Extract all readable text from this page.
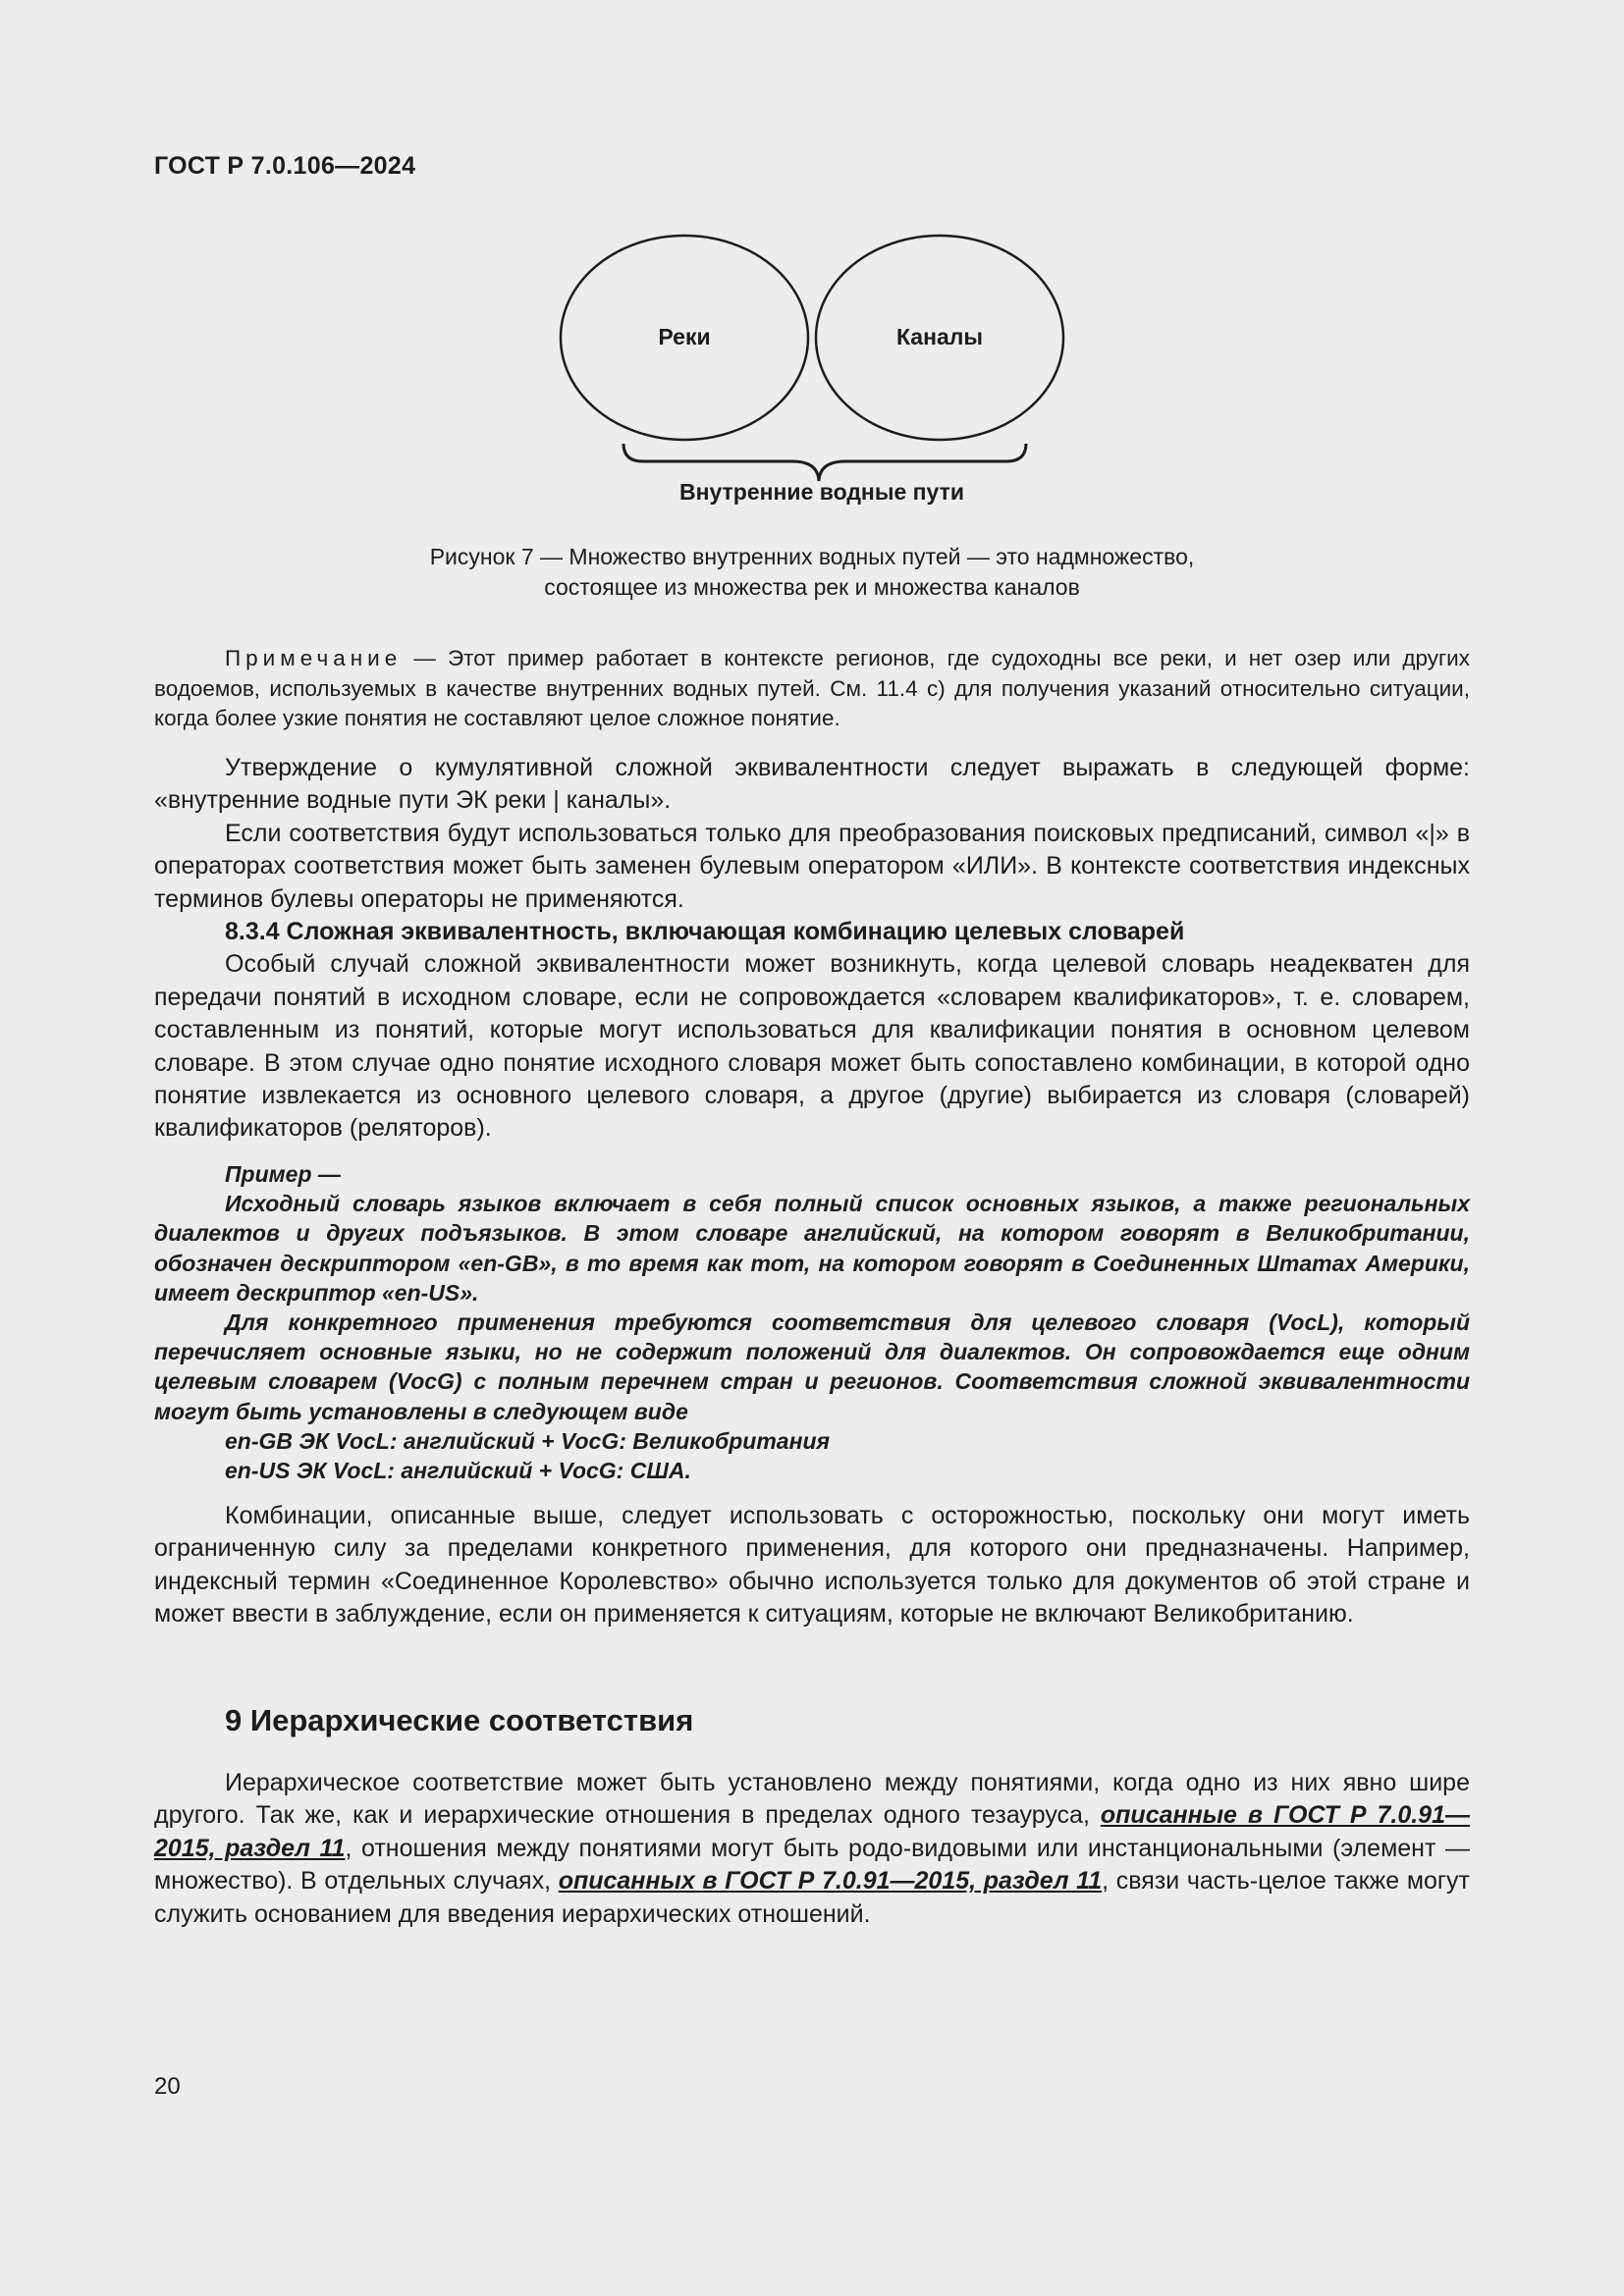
ГОСТ Р 7.0.106—2024
Реки	Каналы
Внутренние водные пути
Рисунок 7 — Множество внутренних водных путей — это надмножество,
состоящее из множества рек и множества каналов
Примечание — Этот пример работает в контексте регионов, где судоходны все реки, и нет озер или других водоемов, используемых в качестве внутренних водных путей. См. 11.4 с) для получения указаний относительно ситуации, когда более узкие понятия не составляют целое сложное понятие.

Утверждение о кумулятивной сложной эквивалентности следует выражать в следующей форме: «внутренние водные пути ЭК реки | каналы».

Если соответствия будут использоваться только для преобразования поисковых предписаний, символ «|» в операторах соответствия может быть заменен булевым оператором «ИЛИ». В контексте соответствия индексных терминов булевы операторы не применяются.

8.3.4 Сложная эквивалентность, включающая комбинацию целевых словарей

Особый случай сложной эквивалентности может возникнуть, когда целевой словарь неадекватен для передачи понятий в исходном словаре, если не сопровождается «словарем квалификаторов», т. е. словарем, составленным из понятий, которые могут использоваться для квалификации понятия в основном целевом словаре. В этом случае одно понятие исходного словаря может быть сопоставлено комбинации, в которой одно понятие извлекается из основного целевого словаря, а другое (другие) выбирается из словаря (словарей) квалификаторов (реляторов).

Пример —

Исходный словарь языков включает в себя полный список основных языков, а также региональных диалектов и других подъязыков. В этом словаре английский, на котором говорят в Великобритании, обозначен дескриптором «en-GB», в то время как тот, на котором говорят в Соединенных Штатах Америки, имеет дескриптор «en-US».

Для конкретного применения требуются соответствия для целевого словаря (VocL), который перечисляет основные языки, но не содержит положений для диалектов. Он сопровождается еще одним целевым словарем (VocG) с полным перечнем стран и регионов. Соответствия сложной эквивалентности могут быть установлены в следующем виде

en-GB ЭК VocL: английский + VocG: Великобритания

en-US ЭК VocL: английский + VocG: США.

Комбинации, описанные выше, следует использовать с осторожностью, поскольку они могут иметь ограниченную силу за пределами конкретного применения, для которого они предназначены. Например, индексный термин «Соединенное Королевство» обычно используется только для документов об этой стране и может ввести в заблуждение, если он применяется к ситуациям, которые не включают Великобританию.

9 Иерархические соответствия

Иерархическое соответствие может быть установлено между понятиями, когда одно из них явно шире другого. Так же, как и иерархические отношения в пределах одного тезауруса, описанные в ГОСТ Р 7.0.91—2015, раздел 11, отношения между понятиями могут быть родо-видовыми или инстанциональными (элемент — множество). В отдельных случаях, описанных в ГОСТ Р 7.0.91—2015, раздел 11, связи часть-целое также могут служить основанием для введения иерархических отношений.

20
